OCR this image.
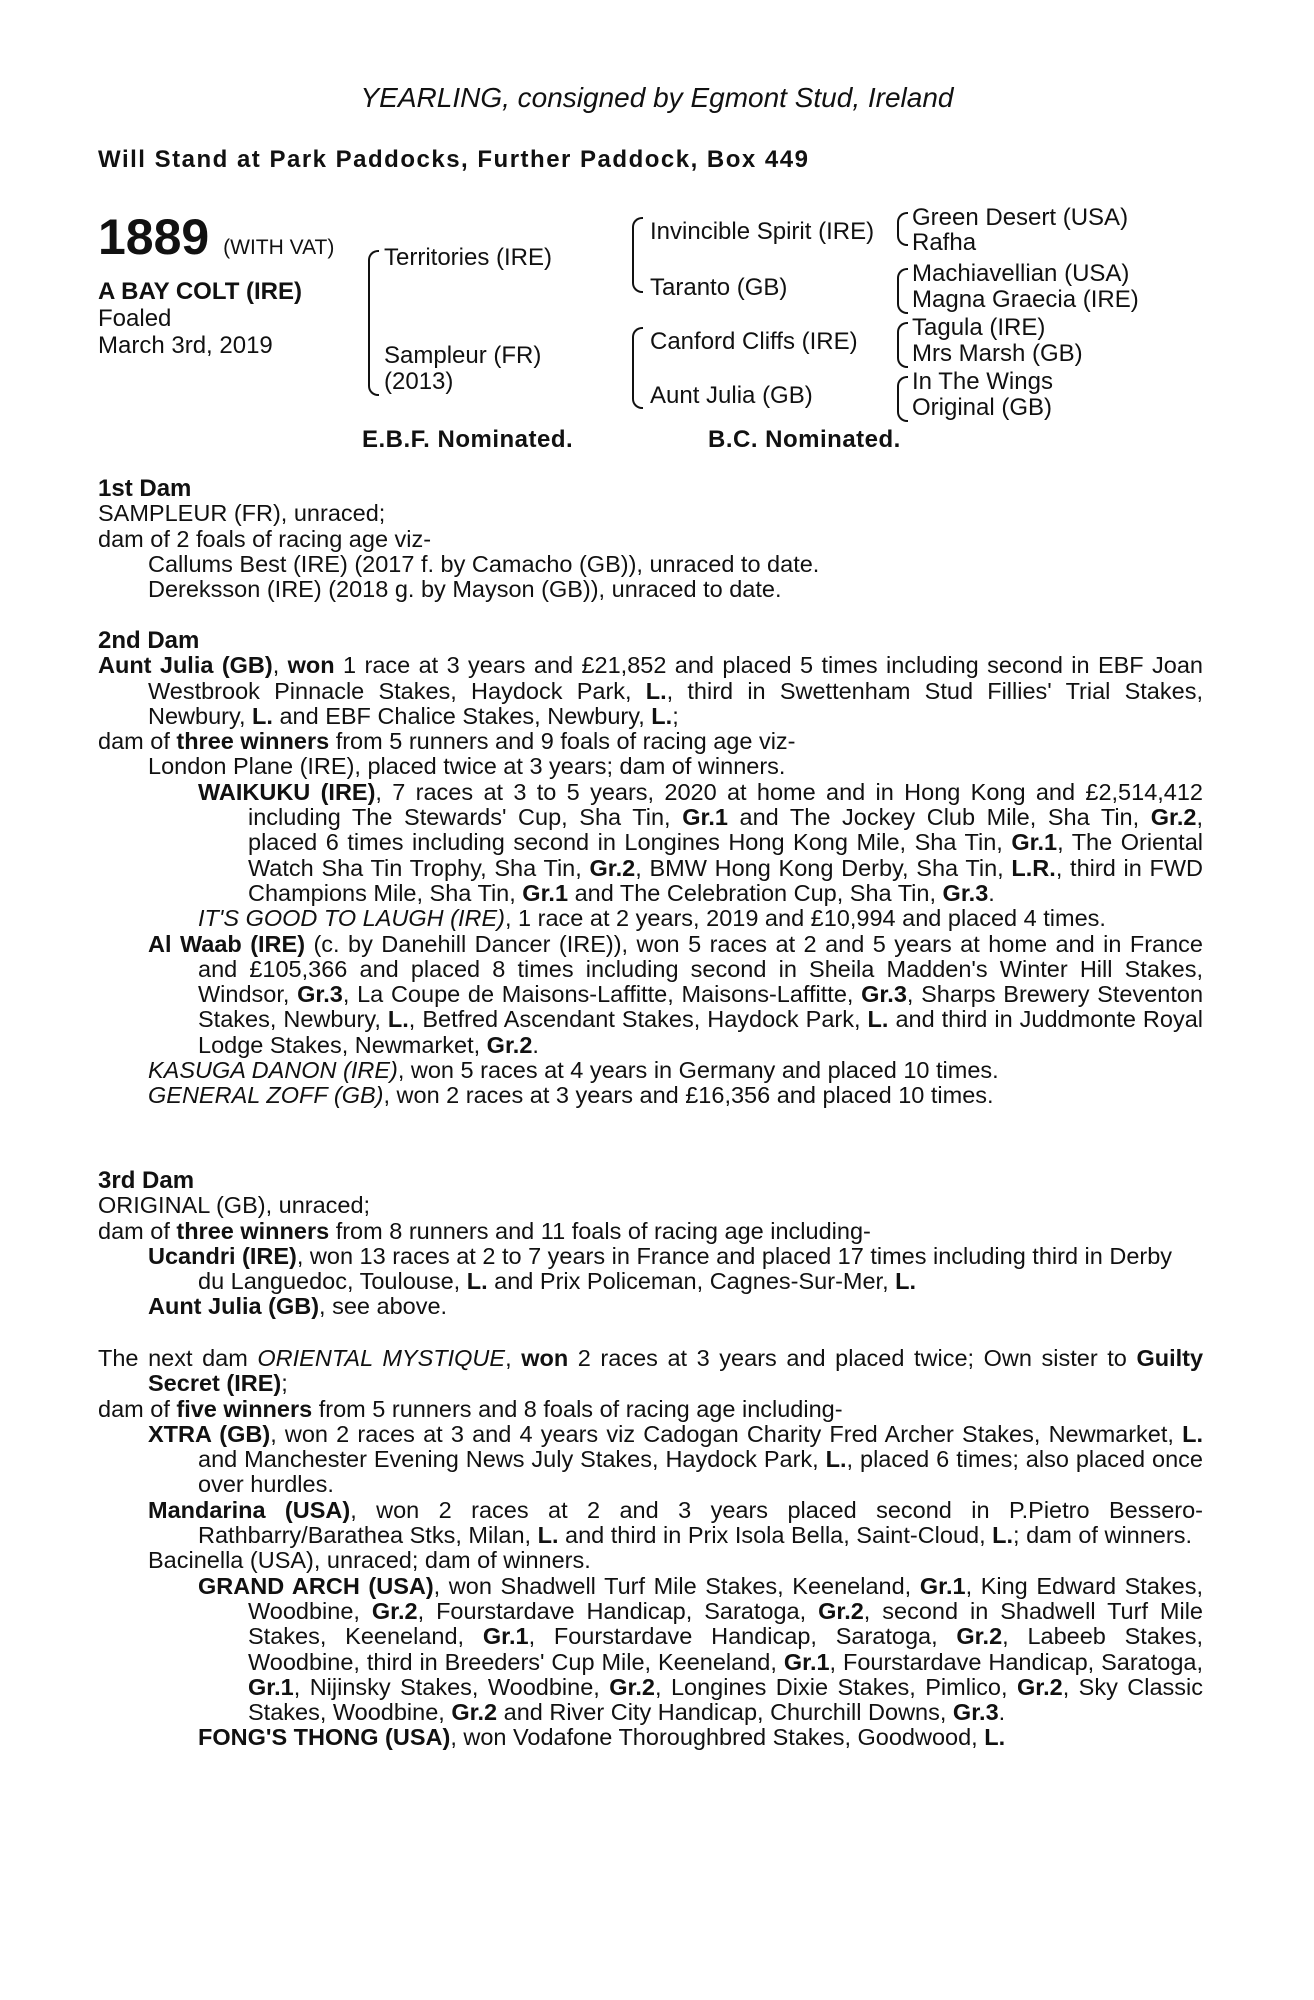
YEARLING, consigned by Egmont Stud, Ireland
Will Stand at Park Paddocks, Further Paddock, Box 449
1889 (WITH VAT)
A BAY COLT (IRE)
Foaled
March 3rd, 2019
Territories (IRE)
Sampleur (FR)
(2013)
Invincible Spirit (IRE)
Taranto (GB)
Canford Cliffs (IRE)
Aunt Julia (GB)
Green Desert (USA)
Rafha
Machiavellian (USA)
Magna Graecia (IRE)
Tagula (IRE)
Mrs Marsh (GB)
In The Wings
Original (GB)
E.B.F. Nominated.	B.C. Nominated.

1st Dam

SAMPLEUR (FR), unraced;

dam of 2 foals of racing age viz-

Callums Best (IRE) (2017 f. by Camacho (GB)), unraced to date.

Dereksson (IRE) (2018 g. by Mayson (GB)), unraced to date.

2nd Dam

Aunt Julia (GB), won 1 race at 3 years and £21,852 and placed 5 times including second in EBF Joan Westbrook Pinnacle Stakes, Haydock Park, L., third in Swettenham Stud Fillies' Trial Stakes, Newbury, L. and EBF Chalice Stakes, Newbury, L.;

dam of three winners from 5 runners and 9 foals of racing age viz-

London Plane (IRE), placed twice at 3 years; dam of winners.

WAIKUKU (IRE), 7 races at 3 to 5 years, 2020 at home and in Hong Kong and £2,514,412 including The Stewards' Cup, Sha Tin, Gr.1 and The Jockey Club Mile, Sha Tin, Gr.2, placed 6 times including second in Longines Hong Kong Mile, Sha Tin, Gr.1, The Oriental Watch Sha Tin Trophy, Sha Tin, Gr.2, BMW Hong Kong Derby, Sha Tin, L.R., third in FWD Champions Mile, Sha Tin, Gr.1 and The Celebration Cup, Sha Tin, Gr.3.

IT'S GOOD TO LAUGH (IRE), 1 race at 2 years, 2019 and £10,994 and placed 4 times.

Al Waab (IRE) (c. by Danehill Dancer (IRE)), won 5 races at 2 and 5 years at home and in France and £105,366 and placed 8 times including second in Sheila Madden's Winter Hill Stakes, Windsor, Gr.3, La Coupe de Maisons-Laffitte, Maisons-Laffitte, Gr.3, Sharps Brewery Steventon Stakes, Newbury, L., Betfred Ascendant Stakes, Haydock Park, L. and third in Juddmonte Royal Lodge Stakes, Newmarket, Gr.2.

KASUGA DANON (IRE), won 5 races at 4 years in Germany and placed 10 times.

GENERAL ZOFF (GB), won 2 races at 3 years and £16,356 and placed 10 times.

3rd Dam

ORIGINAL (GB), unraced;

dam of three winners from 8 runners and 11 foals of racing age including-

Ucandri (IRE), won 13 races at 2 to 7 years in France and placed 17 times including third in Derby du Languedoc, Toulouse, L. and Prix Policeman, Cagnes-Sur-Mer, L.

Aunt Julia (GB), see above.

The next dam ORIENTAL MYSTIQUE, won 2 races at 3 years and placed twice; Own sister to Guilty Secret (IRE);

dam of five winners from 5 runners and 8 foals of racing age including-

XTRA (GB), won 2 races at 3 and 4 years viz Cadogan Charity Fred Archer Stakes, Newmarket, L. and Manchester Evening News July Stakes, Haydock Park, L., placed 6 times; also placed once over hurdles.

Mandarina (USA), won 2 races at 2 and 3 years placed second in P.Pietro Bessero-Rathbarry/Barathea Stks, Milan, L. and third in Prix Isola Bella, Saint-Cloud, L.; dam of winners.

Bacinella (USA), unraced; dam of winners.

GRAND ARCH (USA), won Shadwell Turf Mile Stakes, Keeneland, Gr.1, King Edward Stakes, Woodbine, Gr.2, Fourstardave Handicap, Saratoga, Gr.2, second in Shadwell Turf Mile Stakes, Keeneland, Gr.1, Fourstardave Handicap, Saratoga, Gr.2, Labeeb Stakes, Woodbine, third in Breeders' Cup Mile, Keeneland, Gr.1, Fourstardave Handicap, Saratoga, Gr.1, Nijinsky Stakes, Woodbine, Gr.2, Longines Dixie Stakes, Pimlico, Gr.2, Sky Classic Stakes, Woodbine, Gr.2 and River City Handicap, Churchill Downs, Gr.3.

FONG'S THONG (USA), won Vodafone Thoroughbred Stakes, Goodwood, L.
